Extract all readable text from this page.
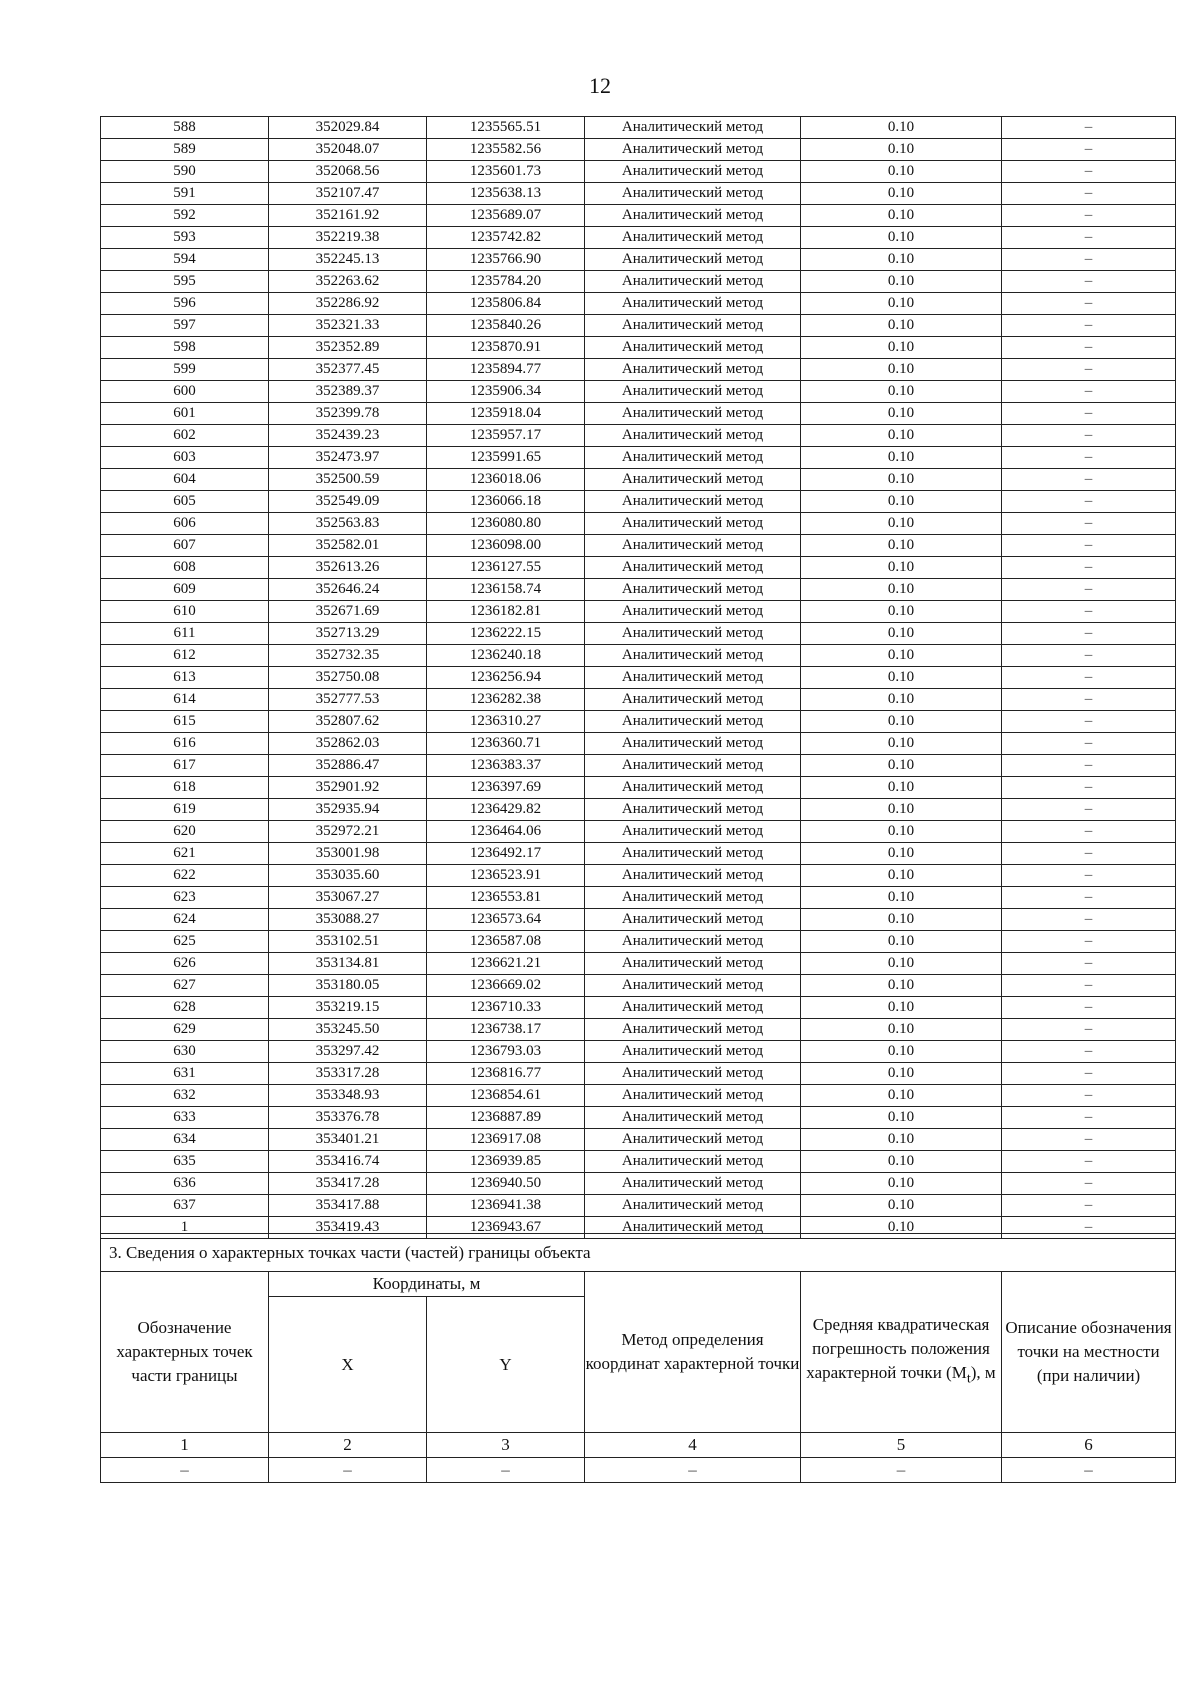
12
588	352029.84	1235565.51	Аналитический метод	0.10	–
589	352048.07	1235582.56	Аналитический метод	0.10	–
590	352068.56	1235601.73	Аналитический метод	0.10	–
591	352107.47	1235638.13	Аналитический метод	0.10	–
592	352161.92	1235689.07	Аналитический метод	0.10	–
593	352219.38	1235742.82	Аналитический метод	0.10	–
594	352245.13	1235766.90	Аналитический метод	0.10	–
595	352263.62	1235784.20	Аналитический метод	0.10	–
596	352286.92	1235806.84	Аналитический метод	0.10	–
597	352321.33	1235840.26	Аналитический метод	0.10	–
598	352352.89	1235870.91	Аналитический метод	0.10	–
599	352377.45	1235894.77	Аналитический метод	0.10	–
600	352389.37	1235906.34	Аналитический метод	0.10	–
601	352399.78	1235918.04	Аналитический метод	0.10	–
602	352439.23	1235957.17	Аналитический метод	0.10	–
603	352473.97	1235991.65	Аналитический метод	0.10	–
604	352500.59	1236018.06	Аналитический метод	0.10	–
605	352549.09	1236066.18	Аналитический метод	0.10	–
606	352563.83	1236080.80	Аналитический метод	0.10	–
607	352582.01	1236098.00	Аналитический метод	0.10	–
608	352613.26	1236127.55	Аналитический метод	0.10	–
609	352646.24	1236158.74	Аналитический метод	0.10	–
610	352671.69	1236182.81	Аналитический метод	0.10	–
611	352713.29	1236222.15	Аналитический метод	0.10	–
612	352732.35	1236240.18	Аналитический метод	0.10	–
613	352750.08	1236256.94	Аналитический метод	0.10	–
614	352777.53	1236282.38	Аналитический метод	0.10	–
615	352807.62	1236310.27	Аналитический метод	0.10	–
616	352862.03	1236360.71	Аналитический метод	0.10	–
617	352886.47	1236383.37	Аналитический метод	0.10	–
618	352901.92	1236397.69	Аналитический метод	0.10	–
619	352935.94	1236429.82	Аналитический метод	0.10	–
620	352972.21	1236464.06	Аналитический метод	0.10	–
621	353001.98	1236492.17	Аналитический метод	0.10	–
622	353035.60	1236523.91	Аналитический метод	0.10	–
623	353067.27	1236553.81	Аналитический метод	0.10	–
624	353088.27	1236573.64	Аналитический метод	0.10	–
625	353102.51	1236587.08	Аналитический метод	0.10	–
626	353134.81	1236621.21	Аналитический метод	0.10	–
627	353180.05	1236669.02	Аналитический метод	0.10	–
628	353219.15	1236710.33	Аналитический метод	0.10	–
629	353245.50	1236738.17	Аналитический метод	0.10	–
630	353297.42	1236793.03	Аналитический метод	0.10	–
631	353317.28	1236816.77	Аналитический метод	0.10	–
632	353348.93	1236854.61	Аналитический метод	0.10	–
633	353376.78	1236887.89	Аналитический метод	0.10	–
634	353401.21	1236917.08	Аналитический метод	0.10	–
635	353416.74	1236939.85	Аналитический метод	0.10	–
636	353417.28	1236940.50	Аналитический метод	0.10	–
637	353417.88	1236941.38	Аналитический метод	0.10	–
1	353419.43	1236943.67	Аналитический метод	0.10	–
3. Сведения о характерных точках части (частей) границы объекта					
Обозначение характерных точек части границы	Координаты, м		Метод определения координат характерной точки	Средняя квадратическая погрешность положения характерной точки $(M_t)$, м	Описание обозначения точки на местности (при наличии)
	X	Y			
1	2	3	4	5	6
–	–	–	–	–	–
